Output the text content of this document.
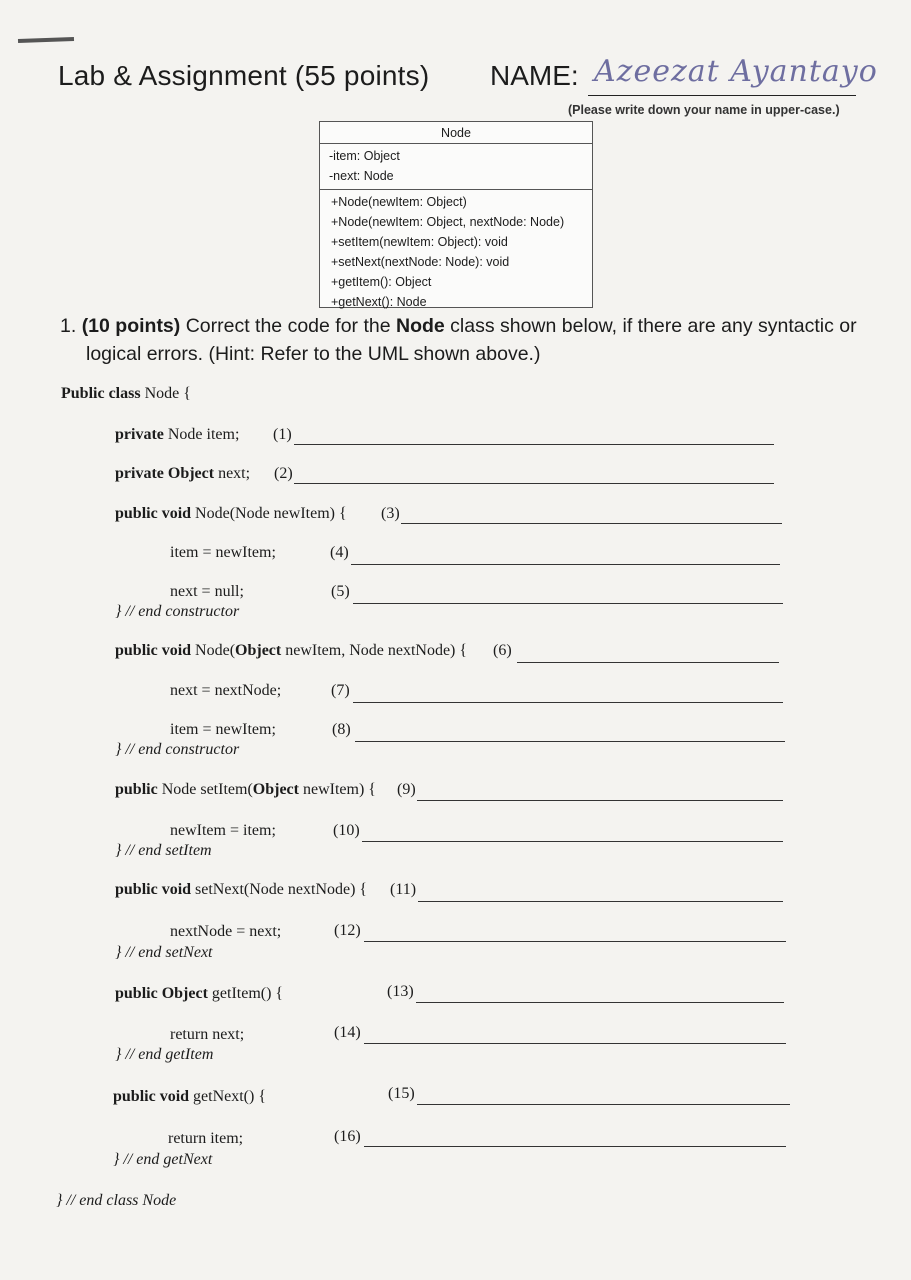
Lab & Assignment (55 points) NAME: Azeezat Ayantayo
(Please write down your name in upper-case.)
Node
-item: Object
-next: Node
+Node(newItem: Object)
+Node(newItem: Object, nextNode: Node)
+setItem(newItem: Object): void
+setNext(nextNode: Node): void
+getItem(): Object
+getNext(): Node
1. (10 points) Correct the code for the Node class shown below, if there are any syntactic or
logical errors. (Hint: Refer to the UML shown above.)
Public class Node {
private Node item; (1)
private Object next; (2)
public void Node(Node newItem) { (3)
item = newItem;	(4)
next = null;	(5)
} // end constructor
public void Node(Object newItem, Node nextNode) { (6)
next = nextNode;	(7)
item = newItem;	(8)
} // end constructor
public Node setItem(Object newItem) { (9)
newItem = item;	(10)
} // end setItem
public void setNext(Node nextNode) { (11)
nextNode = next;	(12)
} // end setNext
public Object getItem() {	(13)
return next;	(14)
} // end getItem
public void getNext() {	(15)
return item;	(16)
} // end getNext
} // end class Node
